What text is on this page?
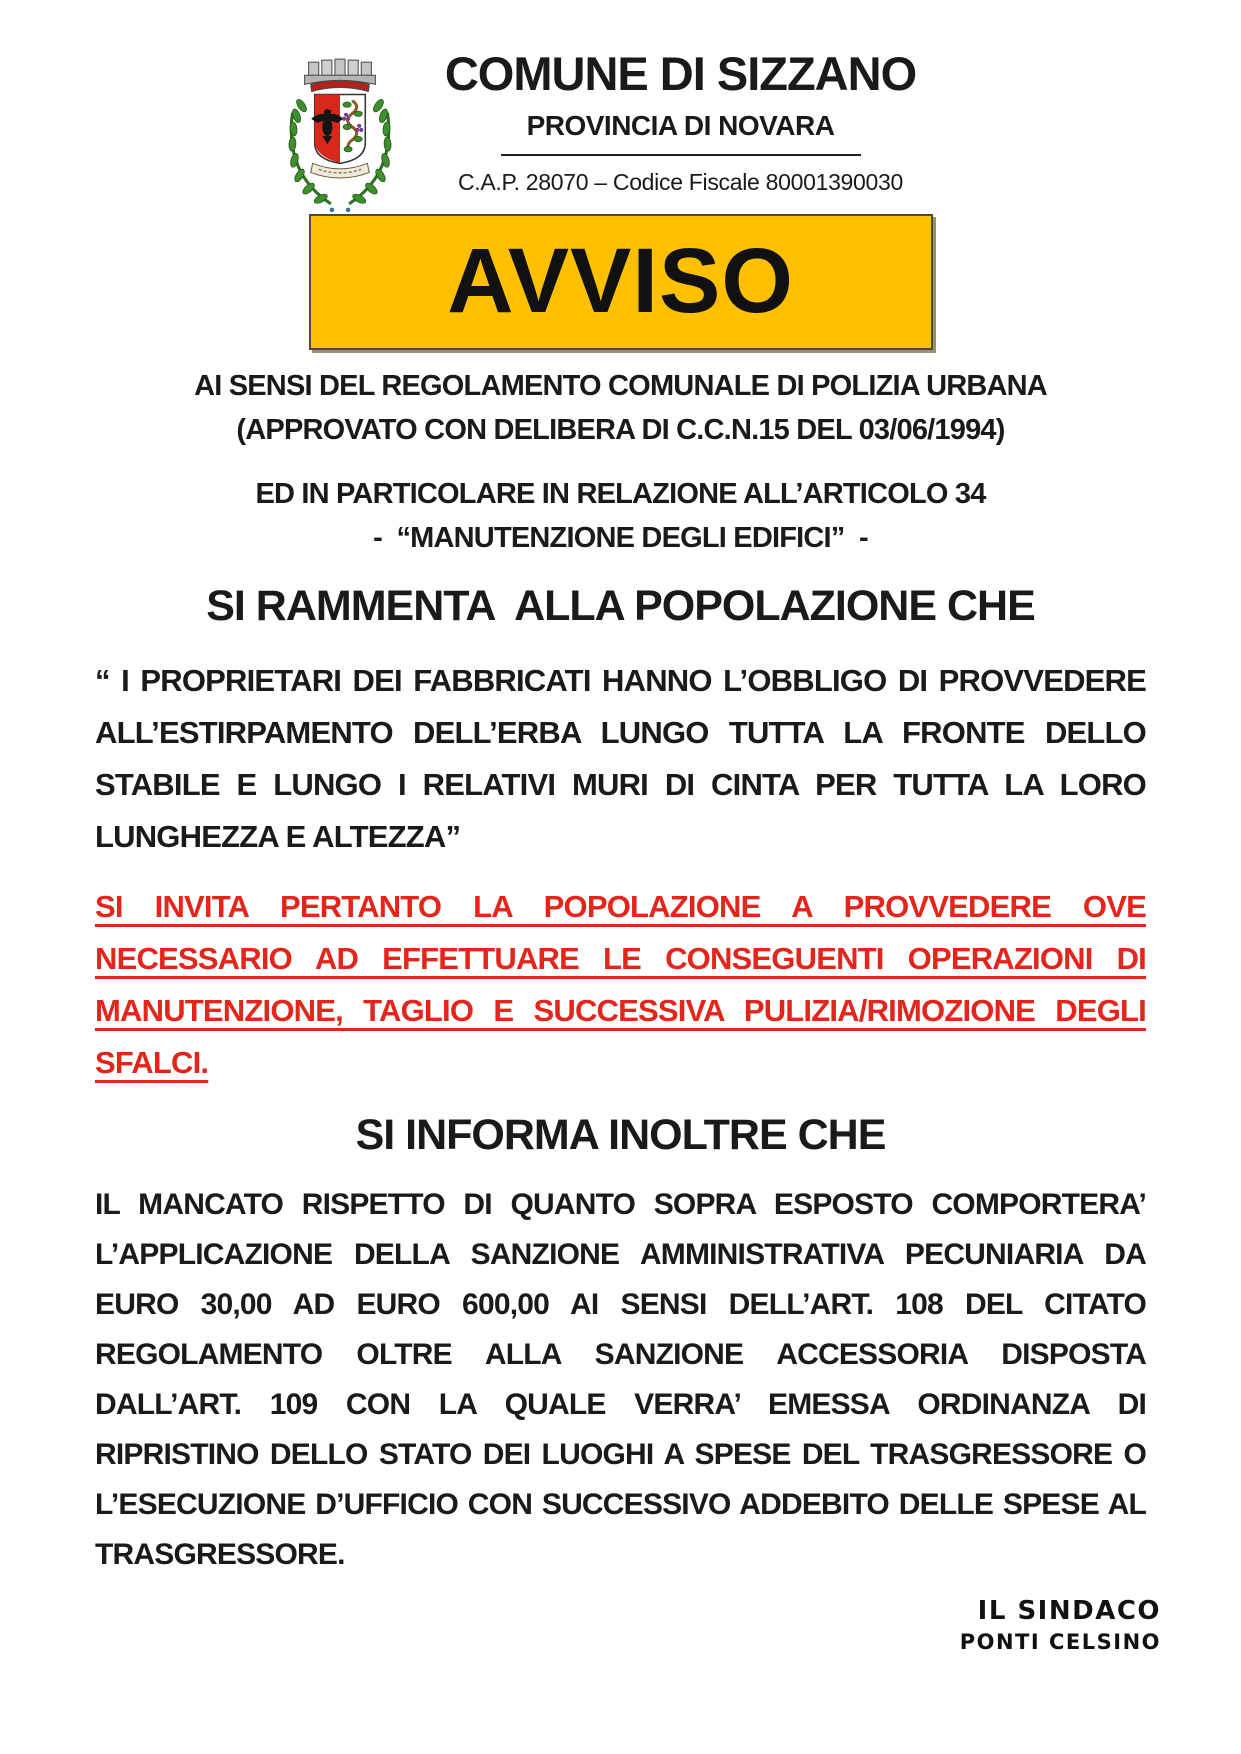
COMUNE DI SIZZANO
PROVINCIA DI NOVARA
C.A.P. 28070 – Codice Fiscale 80001390030
AVVISO
AI SENSI DEL REGOLAMENTO COMUNALE DI POLIZIA URBANA
(APPROVATO CON DELIBERA DI C.C.N.15 DEL 03/06/1994)
ED IN PARTICOLARE IN RELAZIONE ALL’ARTICOLO 34
-  “MANUTENZIONE DEGLI EDIFICI”  -
SI RAMMENTA  ALLA POPOLAZIONE CHE

“ I PROPRIETARI DEI FABBRICATI HANNO L’OBBLIGO DI PROVVEDERE ALL’ESTIRPAMENTO DELL’ERBA LUNGO TUTTA LA FRONTE DELLO STABILE E LUNGO I RELATIVI MURI DI CINTA PER TUTTA LA LORO LUNGHEZZA E ALTEZZA”

SI INVITA PERTANTO LA POPOLAZIONE A PROVVEDERE OVE NECESSARIO AD EFFETTUARE LE CONSEGUENTI OPERAZIONI DI MANUTENZIONE, TAGLIO E SUCCESSIVA PULIZIA/RIMOZIONE DEGLI SFALCI.

SI INFORMA INOLTRE CHE

IL MANCATO RISPETTO DI QUANTO SOPRA ESPOSTO COMPORTERA’ L’APPLICAZIONE DELLA SANZIONE AMMINISTRATIVA PECUNIARIA DA EURO 30,00 AD EURO 600,00 AI SENSI DELL’ART. 108 DEL CITATO REGOLAMENTO OLTRE ALLA SANZIONE ACCESSORIA DISPOSTA DALL’ART. 109 CON LA QUALE VERRA’ EMESSA ORDINANZA DI RIPRISTINO DELLO STATO DEI LUOGHI A SPESE DEL TRASGRESSORE O L’ESECUZIONE D’UFFICIO CON SUCCESSIVO ADDEBITO DELLE SPESE AL TRASGRESSORE.

IL SINDACO
PONTI CELSINO
